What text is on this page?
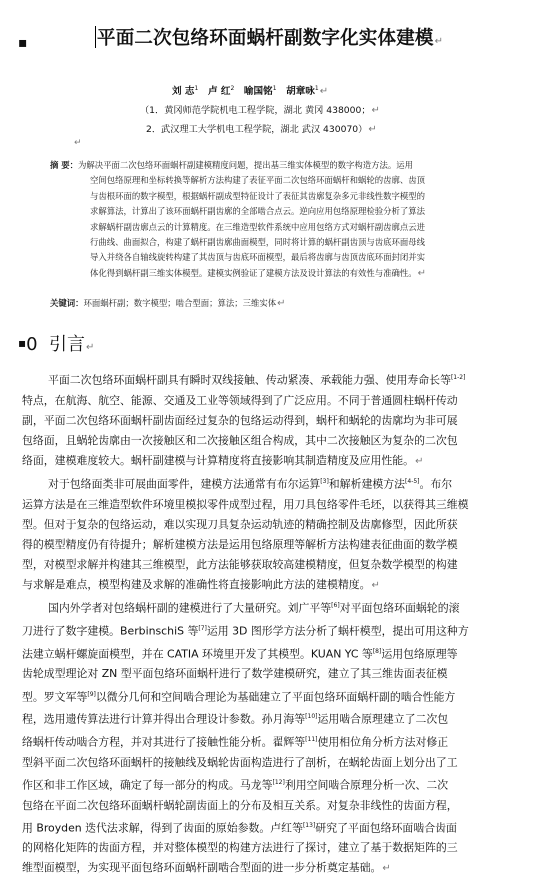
▪	平面二次包络环面蜗杆副数字化实体建模↵
刘 志$^1$  卢 红$^2$  喻国铭$^1$  胡章咏$^1$↵
（1．黄冈师范学院机电工程学院，湖北 黄冈 438000；↵
2．武汉理工大学机电工程学院，湖北 武汉 430070）↵
↵
摘 要：为解决平面二次包络环面蜗杆副建模精度问题，提出基三维实体模型的数字构造方法。运用
空间包络原理和坐标转换等解析方法构建了表征平面二次包络环面蜗杆和蜗轮的齿廓、齿顶
与齿根环面的数字模型，根据蜗杆副成型特征设计了表征其齿廓复杂多元非线性数字模型的
求解算法，计算出了该环面蜗杆副齿廓的全部啮合点云。逆向应用包络原理检验分析了算法
求解蜗杆副齿廓点云的计算精度。在三维造型软件系统中应用包络方式对蜗杆副齿廓点云进
行曲线、曲面拟合，构建了蜗杆副齿廓曲面模型，同时将计算的蜗杆副齿顶与齿底环面母线
导入并绕各自轴线旋转构建了其齿顶与齿底环面模型，最后将齿廓与齿顶齿底环面封闭并实
体化得到蜗杆副三维实体模型。建模实例验证了建模方法及设计算法的有效性与准确性。↵
关键词：环面蜗杆副；数字模型；啮合型面；算法；三维实体↵
▪0 引言↵
平面二次包络环面蜗杆副具有瞬时双线接触、传动紧凑、承载能力强、使用寿命长等[1-2]
特点，在航海、航空、能源、交通及工业等领域得到了广泛应用。不同于普通圆柱蜗杆传动
副，平面二次包络环面蜗杆副齿面经过复杂的包络运动得到，蜗杆和蜗轮的齿廓均为非可展
包络面，且蜗轮齿廓由一次接触区和二次接触区组合构成，其中二次接触区为复杂的二次包
络面，建模难度较大。蜗杆副建模与计算精度将直接影响其制造精度及应用性能。↵
对于包络面类非可展曲面零件，建模方法通常有布尔运算[3]和解析建模方法[4-5]。布尔
运算方法是在三维造型软件环境里模拟零件成型过程，用刀具包络零件毛坯，以获得其三维模
型。但对于复杂的包络运动，难以实现刀具复杂运动轨迹的精确控制及齿廓修型，因此所获
得的模型精度仍有待提升；解析建模方法是运用包络原理等解析方法构建表征曲面的数学模
型，对模型求解并构建其三维模型，此方法能够获取较高建模精度，但复杂数学模型的构建
与求解是难点，模型构建及求解的准确性将直接影响此方法的建模精度。↵
国内外学者对包络蜗杆副的建模进行了大量研究。刘广平等[6]对平面包络环面蜗轮的滚
刀进行了数字建模。BerbinschiS 等[7]运用 3D 图形学方法分析了蜗杆模型，提出可用这种方
法建立蜗杆螺旋面模型，并在 CATIA 环境里开发了其模型。KUAN YC 等[8]运用包络原理等
齿轮成型理论对 ZN 型平面包络环面蜗杆进行了数学建模研究，建立了其三维齿面表征模
型。罗文军等[9]以微分几何和空间啮合理论为基础建立了平面包络环面蜗杆副的啮合性能方
程，选用遗传算法进行计算并得出合理设计参数。孙月海等[10]运用啮合原理建立了二次包
络蜗杆传动啮合方程，并对其进行了接触性能分析。翟辉等[11]使用相位角分析方法对修正
型斜平面二次包络环面蜗杆的接触线及蜗轮齿面构造进行了剖析，在蜗轮齿面上划分出了工
作区和非工作区域，确定了每一部分的构成。马龙等[12]利用空间啮合原理分析一次、二次
包络在平面二次包络环面蜗杆蜗轮副齿面上的分布及相互关系。对复杂非线性的齿面方程，
用 Broyden 迭代法求解，得到了齿面的原始参数。卢红等[13]研究了平面包络环面啮合齿面
的网格化矩阵的齿面方程，并对整体模型的构建方法进行了探讨，建立了基于数据矩阵的三
维型面模型，为实现平面包络环面蜗杆副啮合型面的进一步分析奠定基础。↵
